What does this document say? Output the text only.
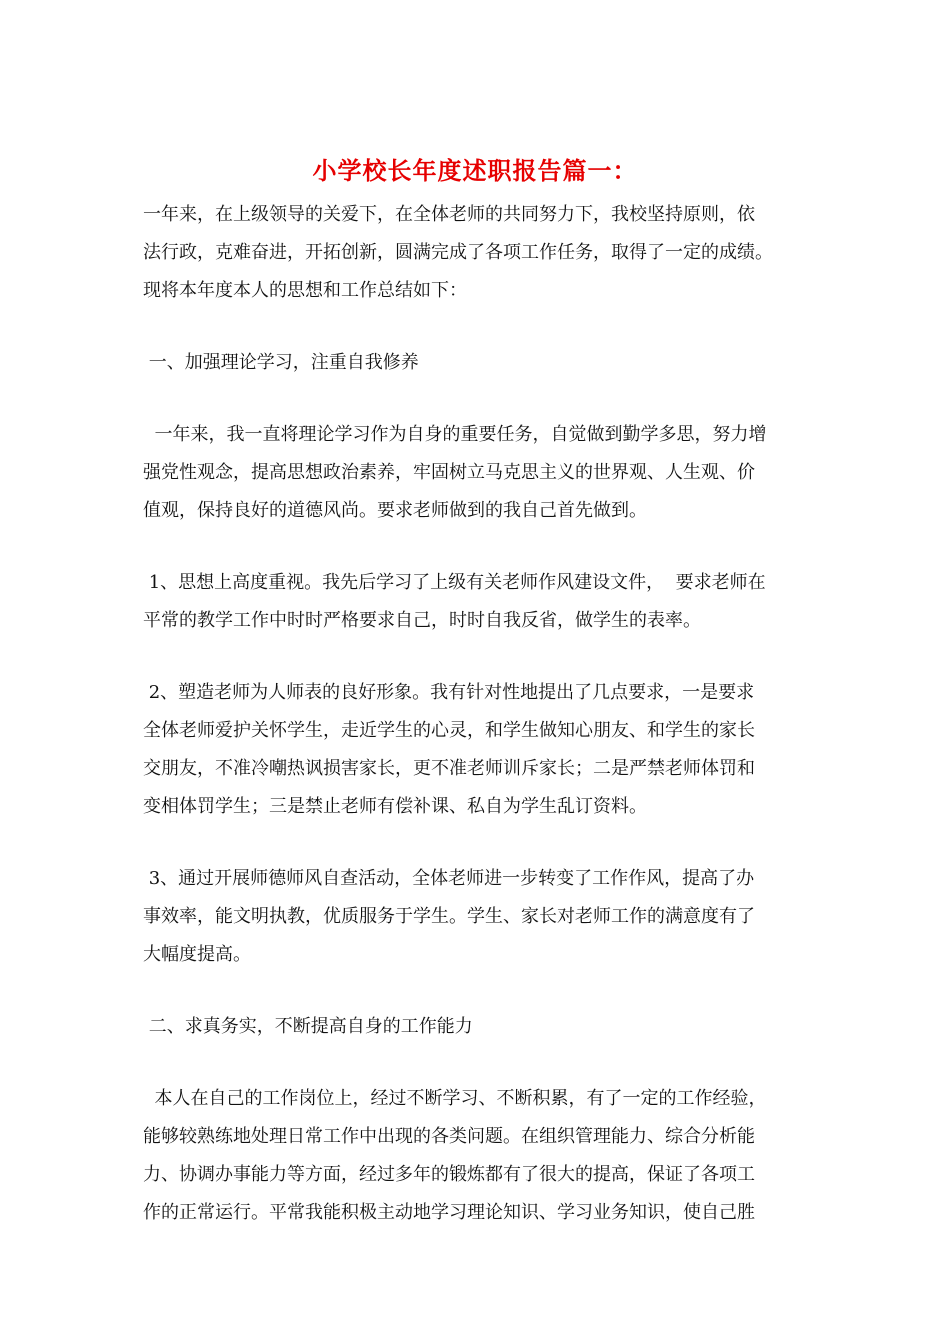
小学校长年度述职报告篇一：

一年来，在上级领导的关爱下，在全体老师的共同努力下，我校坚持原则，依
法行政，克难奋进，开拓创新，圆满完成了各项工作任务，取得了一定的成绩。
现将本年度本人的思想和工作总结如下：

一、加强理论学习，注重自我修养

一年来，我一直将理论学习作为自身的重要任务，自觉做到勤学多思，努力增
强党性观念，提高思想政治素养，牢固树立马克思主义的世界观、人生观、价
值观，保持良好的道德风尚。要求老师做到的我自己首先做到。

1、思想上高度重视。我先后学习了上级有关老师作风建设文件，  要求老师在
平常的教学工作中时时严格要求自己，时时自我反省，做学生的表率。

2、塑造老师为人师表的良好形象。我有针对性地提出了几点要求，一是要求
全体老师爱护关怀学生，走近学生的心灵，和学生做知心朋友、和学生的家长
交朋友，不准冷嘲热讽损害家长，更不准老师训斥家长；二是严禁老师体罚和
变相体罚学生；三是禁止老师有偿补课、私自为学生乱订资料。

3、通过开展师德师风自查活动，全体老师进一步转变了工作作风，提高了办
事效率，能文明执教，优质服务于学生。学生、家长对老师工作的满意度有了
大幅度提高。

二、求真务实，不断提高自身的工作能力

本人在自己的工作岗位上，经过不断学习、不断积累，有了一定的工作经验，
能够较熟练地处理日常工作中出现的各类问题。在组织管理能力、综合分析能
力、协调办事能力等方面，经过多年的锻炼都有了很大的提高，保证了各项工
作的正常运行。平常我能积极主动地学习理论知识、学习业务知识，使自己胜
